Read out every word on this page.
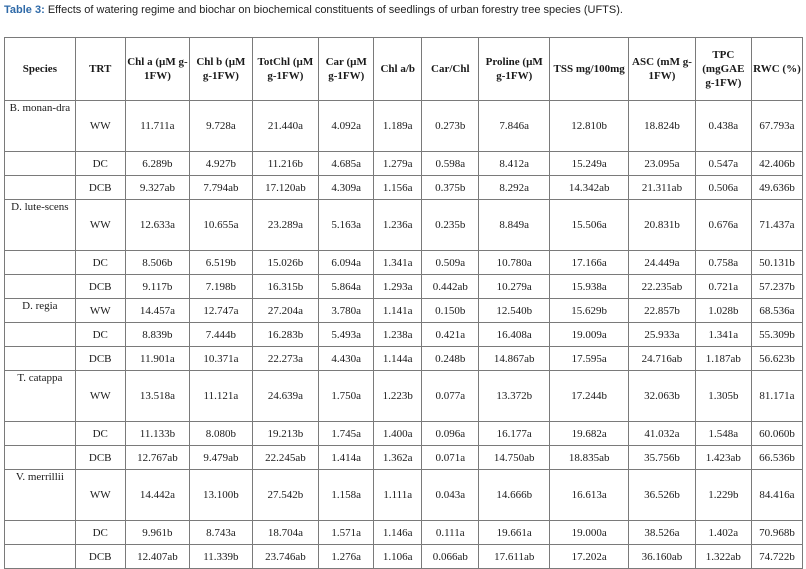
Table 3: Effects of watering regime and biochar on biochemical constituents of seedlings of urban forestry tree species (UFTS).
Species	TRT	Chl a (µM g-1FW)	Chl b (µM g-1FW)	TotChl (µM g-1FW)	Car (µM g-1FW)	Chl a/b	Car/Chl	Proline (µM g-1FW)	TSS mg/100mg	ASC (mM g-1FW)	TPC (mgGAE g-1FW)	RWC (%)
B. monan-dra	WW	11.711a	9.728a	21.440a	4.092a	1.189a	0.273b	7.846a	12.810b	18.824b	0.438a	67.793a
	DC	6.289b	4.927b	11.216b	4.685a	1.279a	0.598a	8.412a	15.249a	23.095a	0.547a	42.406b
	DCB	9.327ab	7.794ab	17.120ab	4.309a	1.156a	0.375b	8.292a	14.342ab	21.311ab	0.506a	49.636b
D. lute-scens	WW	12.633a	10.655a	23.289a	5.163a	1.236a	0.235b	8.849a	15.506a	20.831b	0.676a	71.437a
	DC	8.506b	6.519b	15.026b	6.094a	1.341a	0.509a	10.780a	17.166a	24.449a	0.758a	50.131b
	DCB	9.117b	7.198b	16.315b	5.864a	1.293a	0.442ab	10.279a	15.938a	22.235ab	0.721a	57.237b
D. regia	WW	14.457a	12.747a	27.204a	3.780a	1.141a	0.150b	12.540b	15.629b	22.857b	1.028b	68.536a
	DC	8.839b	7.444b	16.283b	5.493a	1.238a	0.421a	16.408a	19.009a	25.933a	1.341a	55.309b
	DCB	11.901a	10.371a	22.273a	4.430a	1.144a	0.248b	14.867ab	17.595a	24.716ab	1.187ab	56.623b
T. catappa	WW	13.518a	11.121a	24.639a	1.750a	1.223b	0.077a	13.372b	17.244b	32.063b	1.305b	81.171a
	DC	11.133b	8.080b	19.213b	1.745a	1.400a	0.096a	16.177a	19.682a	41.032a	1.548a	60.060b
	DCB	12.767ab	9.479ab	22.245ab	1.414a	1.362a	0.071a	14.750ab	18.835ab	35.756b	1.423ab	66.536b
V. merrillii	WW	14.442a	13.100b	27.542b	1.158a	1.111a	0.043a	14.666b	16.613a	36.526b	1.229b	84.416a
	DC	9.961b	8.743a	18.704a	1.571a	1.146a	0.111a	19.661a	19.000a	38.526a	1.402a	70.968b
	DCB	12.407ab	11.339b	23.746ab	1.276a	1.106a	0.066ab	17.611ab	17.202a	36.160ab	1.322ab	74.722b
